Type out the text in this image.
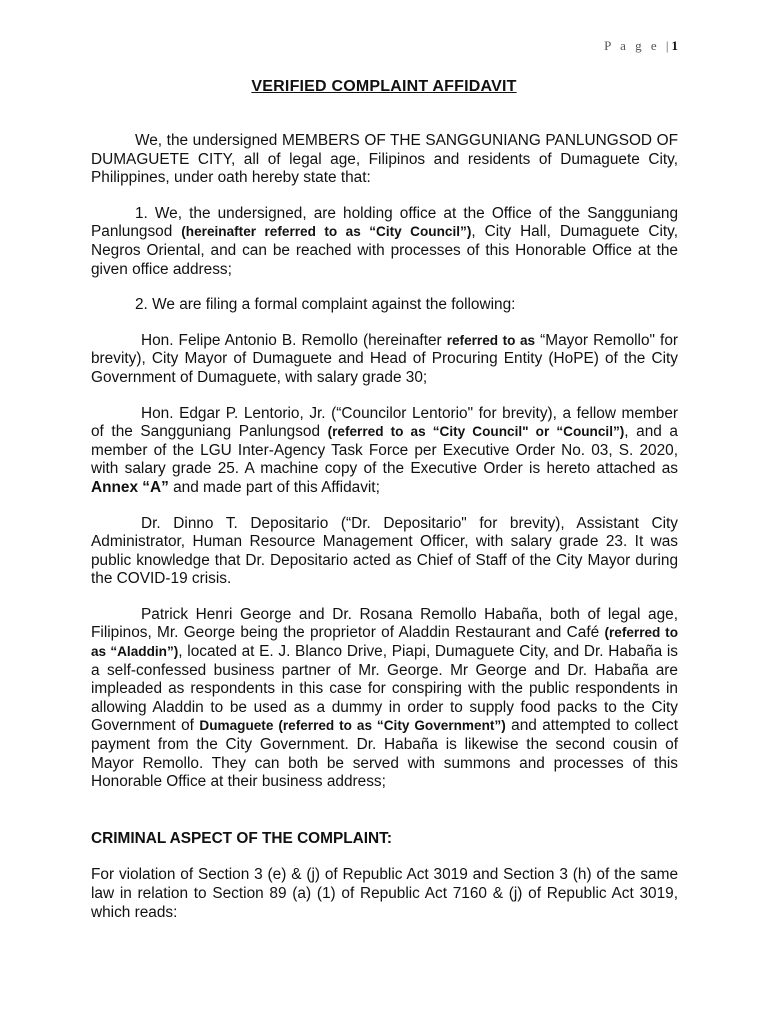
P a g e |1
VERIFIED COMPLAINT AFFIDAVIT

We, the undersigned MEMBERS OF THE SANGGUNIANG PANLUNGSOD OF DUMAGUETE CITY, all of legal age, Filipinos and residents of Dumaguete City, Philippines, under oath hereby state that:

1. We, the undersigned, are holding office at the Office of the Sangguniang Panlungsod (hereinafter referred to as “City Council”), City Hall, Dumaguete City, Negros Oriental, and can be reached with processes of this Honorable Office at the given office address;

2. We are filing a formal complaint against the following:

Hon. Felipe Antonio B. Remollo (hereinafter referred to as “Mayor Remollo" for brevity), City Mayor of Dumaguete and Head of Procuring Entity (HoPE) of the City Government of Dumaguete, with salary grade 30;

Hon. Edgar P. Lentorio, Jr. (“Councilor Lentorio" for brevity), a fellow member of the Sangguniang Panlungsod (referred to as “City Council" or “Council”), and a member of the LGU Inter-Agency Task Force per Executive Order No. 03, S. 2020, with salary grade 25. A machine copy of the Executive Order is hereto attached as Annex “A” and made part of this Affidavit;

Dr. Dinno T. Depositario (“Dr. Depositario" for brevity), Assistant City Administrator, Human Resource Management Officer, with salary grade 23. It was public knowledge that Dr. Depositario acted as Chief of Staff of the City Mayor during the COVID-19 crisis.

Patrick Henri George and Dr. Rosana Remollo Habaña, both of legal age, Filipinos, Mr. George being the proprietor of Aladdin Restaurant and Café (referred to as “Aladdin”), located at E. J. Blanco Drive, Piapi, Dumaguete City, and Dr. Habaña is a self-confessed business partner of Mr. George. Mr George and Dr. Habaña are impleaded as respondents in this case for conspiring with the public respondents in allowing Aladdin to be used as a dummy in order to supply food packs to the City Government of Dumaguete (referred to as “City Government”) and attempted to collect payment from the City Government. Dr. Habaña is likewise the second cousin of Mayor Remollo. They can both be served with summons and processes of this Honorable Office at their business address;

CRIMINAL ASPECT OF THE COMPLAINT:

For violation of Section 3 (e) & (j) of Republic Act 3019 and Section 3 (h) of the same law in relation to Section 89 (a) (1) of Republic Act 7160 & (j) of Republic Act 3019, which reads:
